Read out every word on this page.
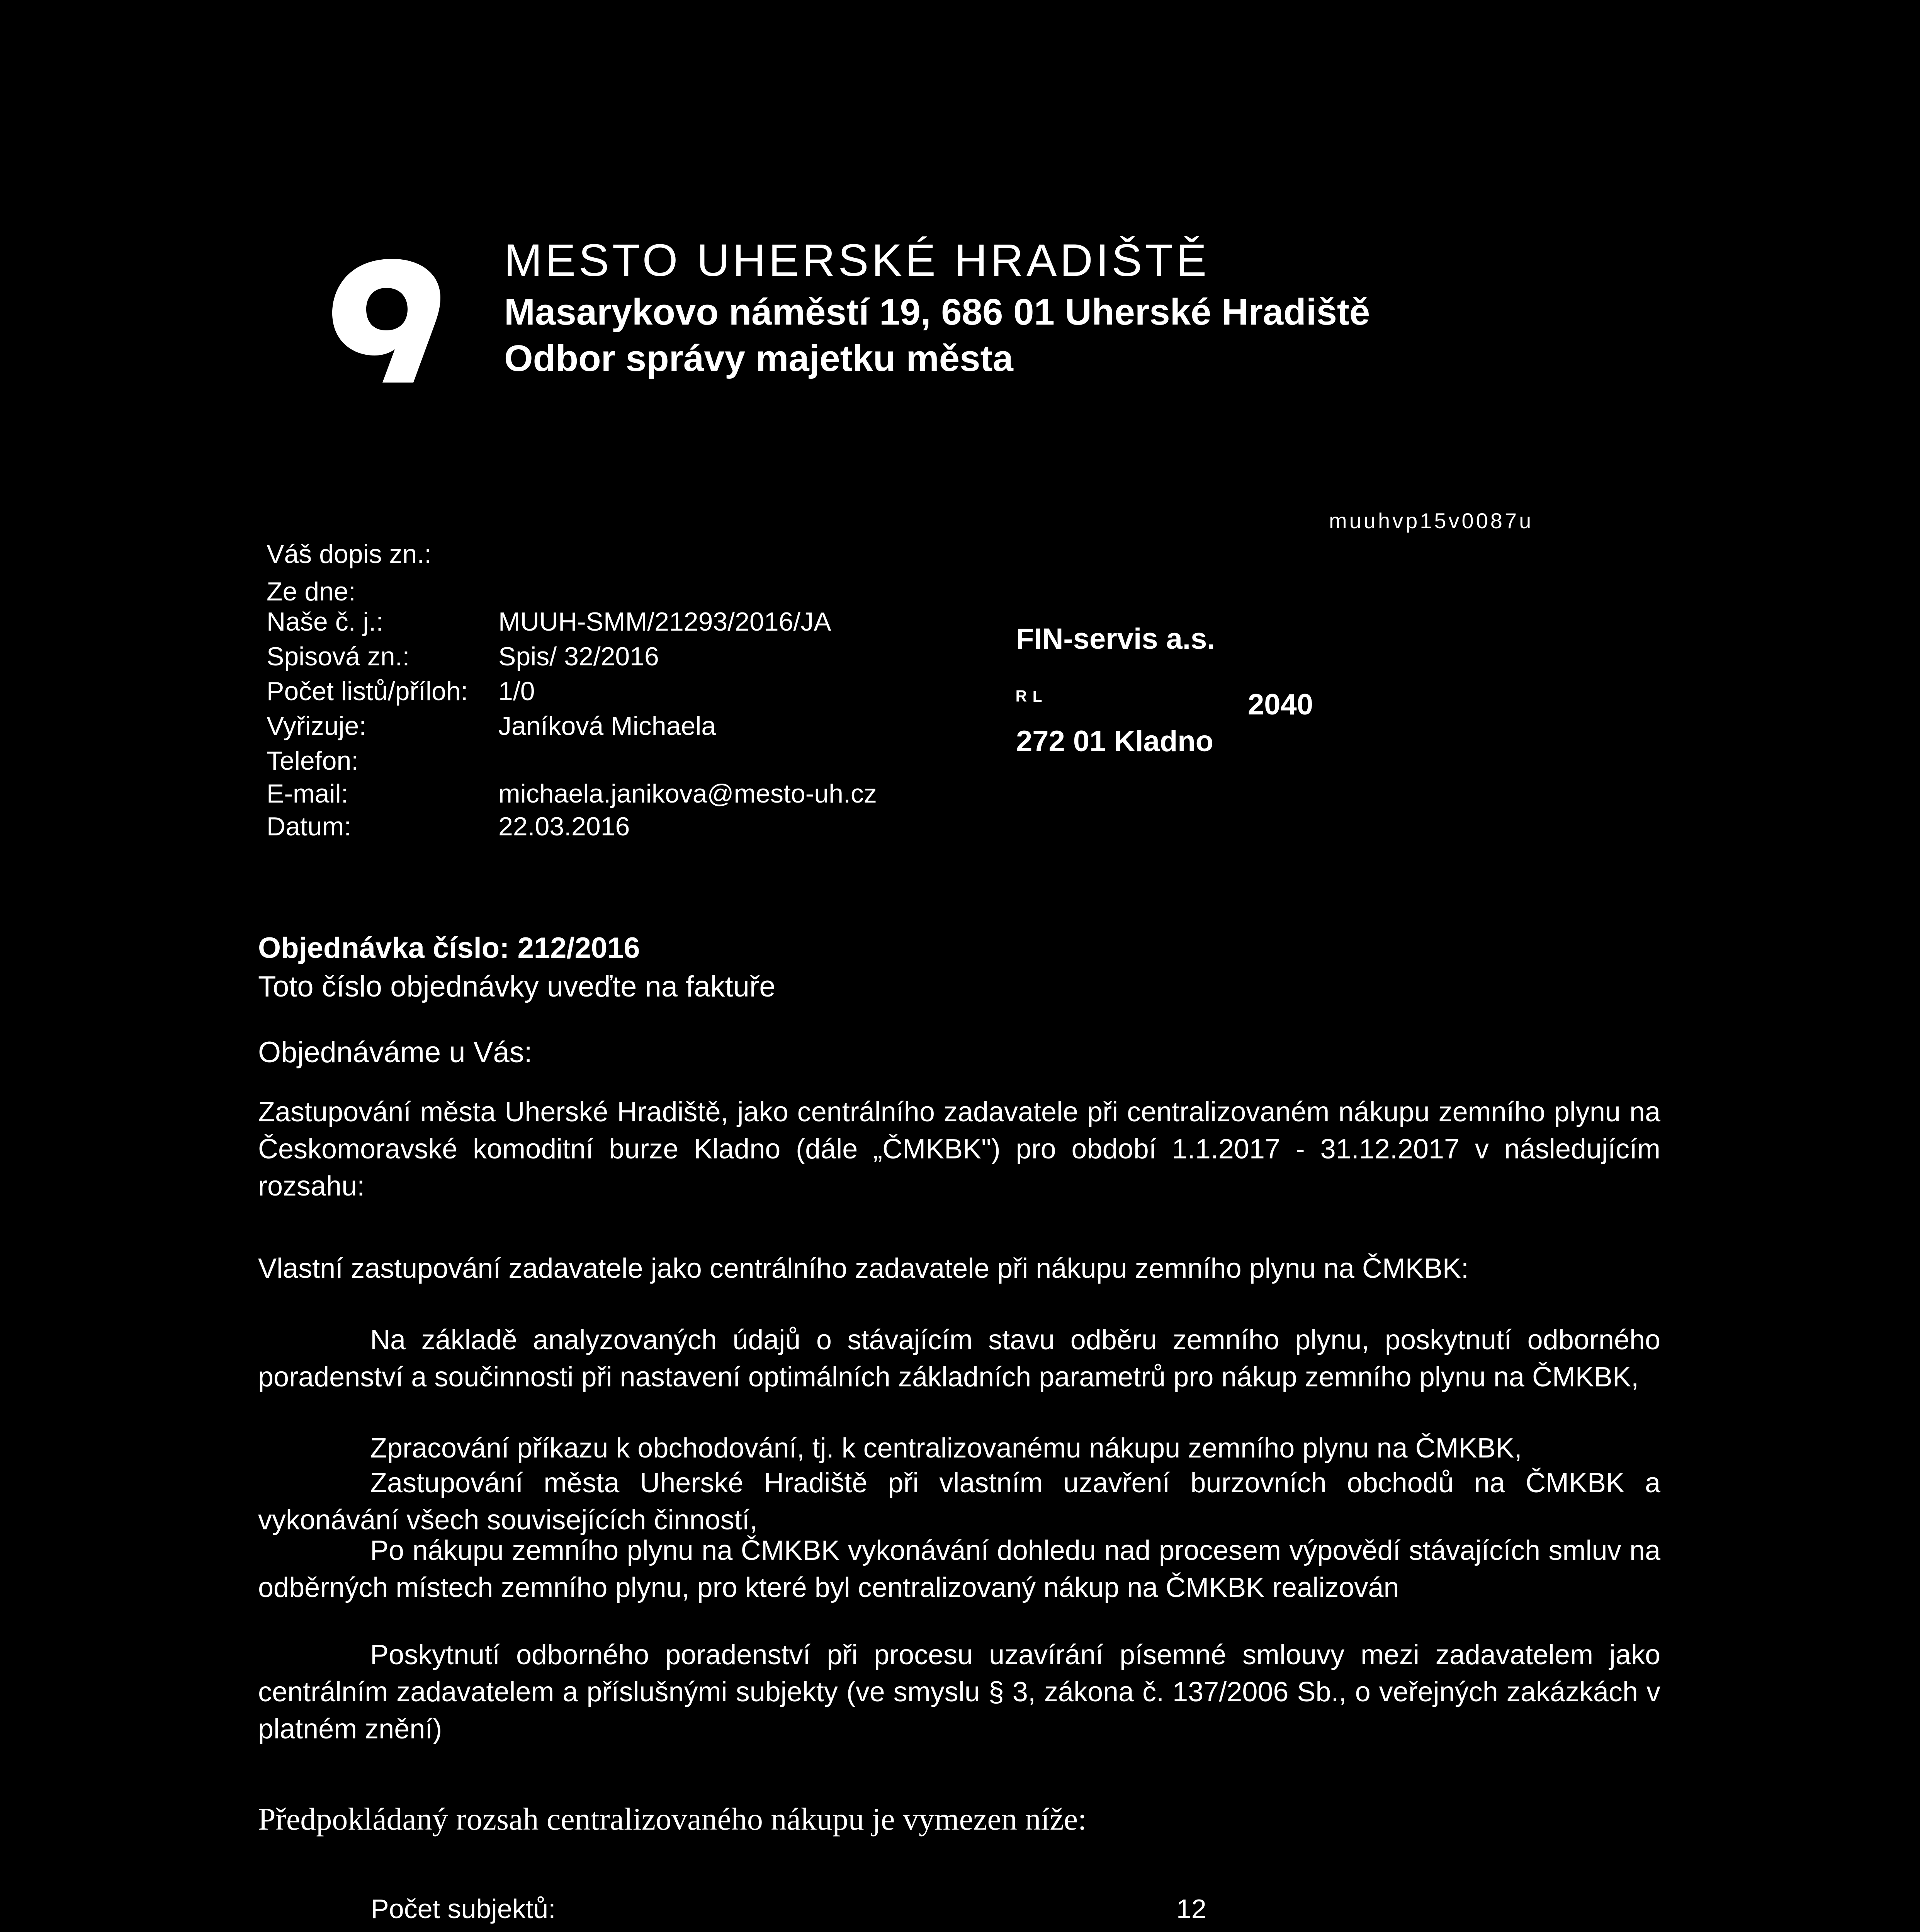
MESTO UHERSKÉ HRADIŠTĚ
Masarykovo náměstí 19, 686 01 Uherské Hradiště
Odbor správy majetku města
muuhvp15v0087u
Váš dopis zn.:
Ze dne:
Naše č. j.:	MUUH-SMM/21293/2016/JA
Spisová zn.:	Spis/ 32/2016
Počet listů/příloh: 1/0
Vyřizuje:	Janíková Michaela
Telefon:
E-mail:	michaela.janikova@mesto-uh.cz
Datum:	22.03.2016
FIN-servis a.s.
ᴿ ᴸ	2040
272 01 Kladno
Objednávka číslo: 212/2016
Toto číslo objednávky uveďte na faktuře
Objednáváme u Vás:
Zastupování města Uherské Hradiště, jako centrálního zadavatele při centralizovaném nákupu zemního plynu na Českomoravské komoditní burze Kladno (dále „ČMKBK") pro období 1.1.2017 - 31.12.2017 v následujícím rozsahu:
Vlastní zastupování zadavatele jako centrálního zadavatele při nákupu zemního plynu na ČMKBK:
Na základě analyzovaných údajů o stávajícím stavu odběru zemního plynu, poskytnutí odborného poradenství a součinnosti při nastavení optimálních základních parametrů pro nákup zemního plynu na ČMKBK,
Zpracování příkazu k obchodování, tj. k centralizovanému nákupu zemního plynu na ČMKBK,
Zastupování města Uherské Hradiště při vlastním uzavření burzovních obchodů na ČMKBK a vykonávání všech souvisejících činností,
Po nákupu zemního plynu na ČMKBK vykonávání dohledu nad procesem výpovědí stávajících smluv na odběrných místech zemního plynu, pro které byl centralizovaný nákup na ČMKBK realizován
Poskytnutí odborného poradenství při procesu uzavírání písemné smlouvy mezi zadavatelem jako centrálním zadavatelem a příslušnými subjekty (ve smyslu § 3, zákona č. 137/2006 Sb., o veřejných zakázkách v platném znění)
Předpokládaný rozsah centralizovaného nákupu je vymezen níže:
Počet subjektů:	12
